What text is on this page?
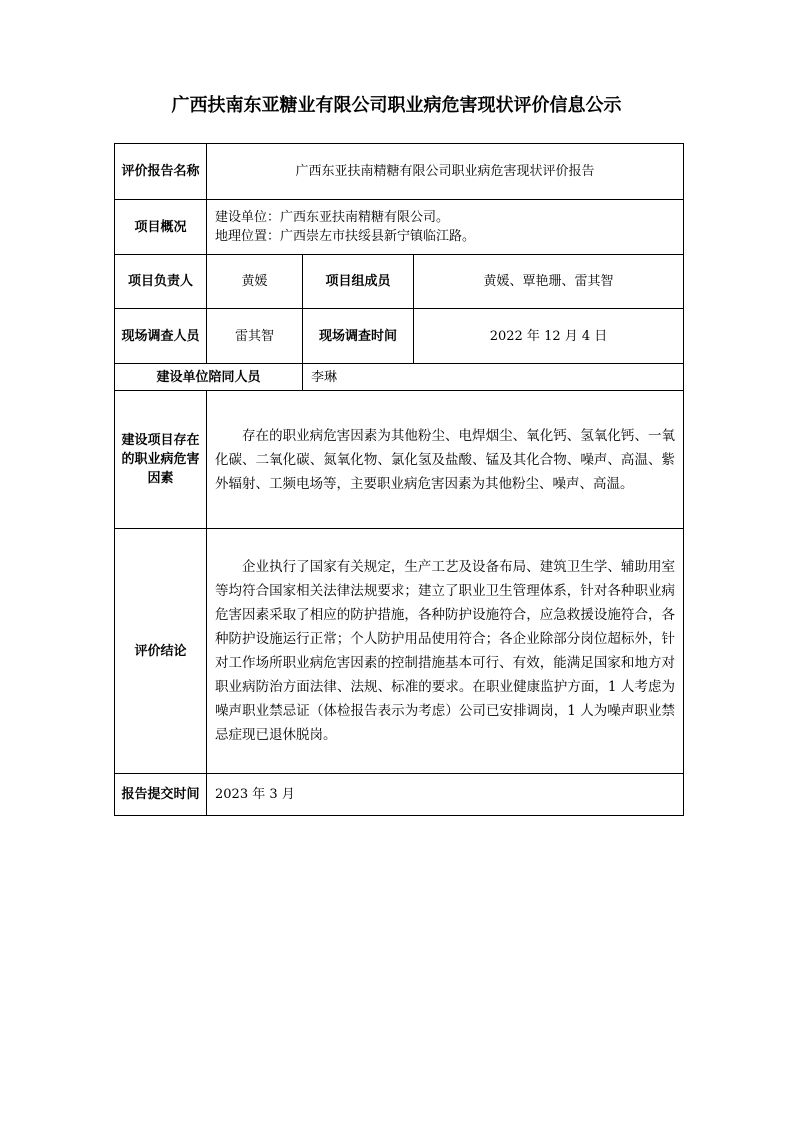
广西扶南东亚糖业有限公司职业病危害现状评价信息公示
评价报告名称	广西东亚扶南精糖有限公司职业病危害现状评价报告		
项目概况	建设单位：广西东亚扶南精糖有限公司。
地理位置：广西崇左市扶绥县新宁镇临江路。		

项目负责人	黄媛	项目组成员	黄媛、覃艳珊、雷其智
现场调查人员	雷其智	现场调查时间	2022 年 12 月 4 日
建设单位陪同人员		李琳	
建设项目存在的职业病危害因素	存在的职业病危害因素为其他粉尘、电焊烟尘、氧化钙、氢氧化钙、一氧化碳、二氧化碳、氮氧化物、氯化氢及盐酸、锰及其化合物、噪声、高温、紫外辐射、工频电场等，主要职业病危害因素为其他粉尘、噪声、高温。		

评价结论	企业执行了国家有关规定，生产工艺及设备布局、建筑卫生学、辅助用室等均符合国家相关法律法规要求；建立了职业卫生管理体系，针对各种职业病危害因素采取了相应的防护措施，各种防护设施符合，应急救援设施符合，各种防护设施运行正常；个人防护用品使用符合；各企业除部分岗位超标外，针对工作场所职业病危害因素的控制措施基本可行、有效，能满足国家和地方对职业病防治方面法律、法规、标准的要求。在职业健康监护方面，1 人考虑为噪声职业禁忌证（体检报告表示为考虑）公司已安排调岗，1 人为噪声职业禁忌症现已退休脱岗。		

报告提交时间	2023 年 3 月		
